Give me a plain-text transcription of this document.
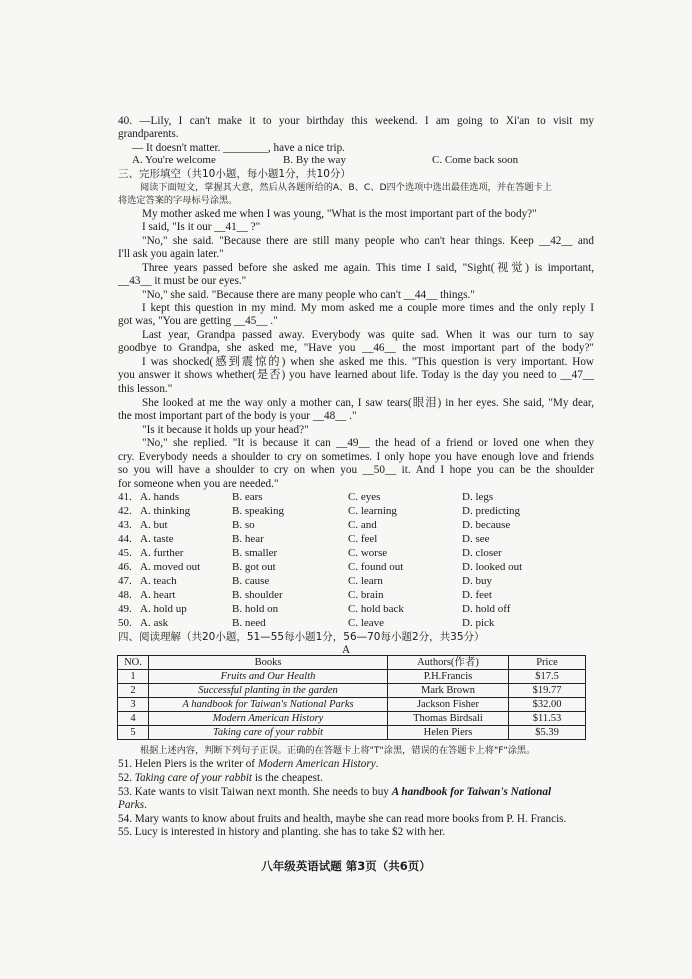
40. —Lily, I can't make it to your birthday this weekend. I am going to Xi'an to visit my
grandparents.
— It doesn't matter. ________, have a nice trip.
A. You're welcome	B. By the way	C. Come back soon
三、完形填空（共10小题，每小题1分，共10分）
阅读下面短文，掌握其大意，然后从各题所给的A、B、C、D四个选项中选出最佳选项，并在答题卡上
将选定答案的字母标号涂黑。
My mother asked me when I was young, "What is the most important part of the body?"
I said, "Is it our __41__ ?"
"No," she said. "Because there are still many people who can't hear things. Keep __42__ and
I'll ask you again later."
Three years passed before she asked me again. This time I said, "Sight(视觉) is important,
__43__ it must be our eyes."
"No," she said. "Because there are many people who can't __44__ things."
I kept this question in my mind. My mom asked me a couple more times and the only reply I
got was, "You are getting __45__ ."
Last year, Grandpa passed away. Everybody was quite sad. When it was our turn to say
goodbye to Grandpa, she asked me, "Have you __46__ the most important part of the body?"
I was shocked(感到震惊的) when she asked me this. "This question is very important. How
you answer it shows whether(是否) you have learned about life. Today is the day you need to __47__
this lesson."
She looked at me the way only a mother can, I saw tears(眼泪) in her eyes. She said, "My dear,
the most important part of the body is your __48__ ."
"Is it because it holds up your head?"
"No," she replied. "It is because it can __49__ the head of a friend or loved one when they
cry. Everybody needs a shoulder to cry on sometimes. I only hope you have enough love and friends
so you will have a shoulder to cry on when you __50__ it. And I hope you can be the shoulder
for someone when you are needed."
41. A. hands	B. ears	C. eyes	D. legs
42. A. thinking	B. speaking	C. learning	D. predicting
43. A. but	B. so	C. and	D. because
44. A. taste	B. hear	C. feel	D. see
45. A. further	B. smaller	C. worse	D. closer
46. A. moved out	B. got out	C. found out	D. looked out
47. A. teach	B. cause	C. learn	D. buy
48. A. heart	B. shoulder	C. brain	D. feet
49. A. hold up	B. hold on	C. hold back	D. hold off
50. A. ask	B. need	C. leave	D. pick
四、阅读理解（共20小题，51—55每小题1分，56—70每小题2分，共35分）
A
NO.	Books	Authors(作者)	Price
1	Fruits and Our Health	P.H.Francis	$17.5
2	Successful planting in the garden	Mark Brown	$19.77
3	A handbook for Taiwan's National Parks	Jackson Fisher	$32.00
4	Modern American History	Thomas Birdsali	$11.53
5	Taking care of your rabbit	Helen Piers	$5.39
根据上述内容，判断下列句子正误。正确的在答题卡上将"T"涂黑，错误的在答题卡上将"F"涂黑。
51. Helen Piers is the writer of Modern American History.
52. Taking care of your rabbit is the cheapest.
53. Kate wants to visit Taiwan next month. She needs to buy A handbook for Taiwan's National
Parks.
54. Mary wants to know about fruits and health, maybe she can read more books from P. H. Francis.
55. Lucy is interested in history and planting. she has to take $2 with her.
八年级英语试题 第3页（共6页）
